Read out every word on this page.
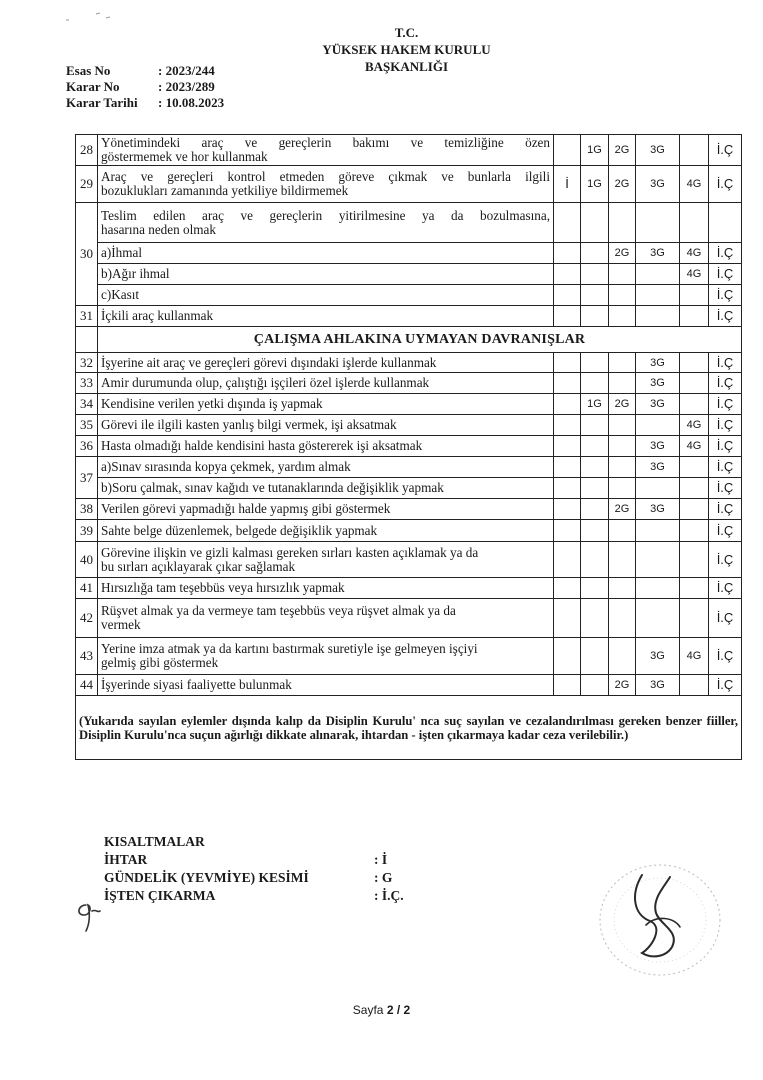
T.C.
YÜKSEK HAKEM KURULU
BAŞKANLIĞI
Esas No	: 2023/244
Karar No	: 2023/289
Karar Tarihi	: 10.08.2023
28	Yönetimindeki araç ve gereçlerin bakımı ve temizliğine özen
göstermemek ve hor kullanmak		1G	2G	3G		İ.Ç
29	Araç ve gereçleri kontrol etmeden göreve çıkmak ve bunlarla ilgili
bozuklukları zamanında yetkiliye bildirmemek	İ	1G	2G	3G	4G	İ.Ç
30	Teslim edilen araç ve gereçlerin yitirilmesine ya da bozulmasına,
hasarına neden olmak						

	a)İhmal			2G	3G	4G	İ.Ç
	b)Ağır ihmal					4G	İ.Ç
	c)Kasıt						İ.Ç
31	İçkili araç kullanmak						İ.Ç
	ÇALIŞMA AHLAKINA UYMAYAN DAVRANIŞLAR						
32	İşyerine ait araç ve gereçleri görevi dışındaki işlerde kullanmak				3G		İ.Ç
33	Amir durumunda olup, çalıştığı işçileri özel işlerde kullanmak				3G		İ.Ç
34	Kendisine verilen yetki dışında iş yapmak		1G	2G	3G		İ.Ç
35	Görevi ile ilgili kasten yanlış bilgi vermek, işi aksatmak					4G	İ.Ç
36	Hasta olmadığı halde kendisini hasta göstererek işi aksatmak				3G	4G	İ.Ç
37	a)Sınav sırasında kopya çekmek, yardım almak				3G		İ.Ç
	b)Soru çalmak, sınav kağıdı ve tutanaklarında değişiklik yapmak						İ.Ç
38	Verilen görevi yapmadığı halde yapmış gibi göstermek			2G	3G		İ.Ç
39	Sahte belge düzenlemek, belgede değişiklik yapmak						İ.Ç
40	Görevine ilişkin ve gizli kalması gereken sırları kasten açıklamak ya da
bu sırları açıklayarak çıkar sağlamak						İ.Ç
41	Hırsızlığa tam teşebbüs veya hırsızlık yapmak						İ.Ç
42	Rüşvet almak ya da vermeye tam teşebbüs veya rüşvet almak ya da
vermek						İ.Ç
43	Yerine imza atmak ya da kartını bastırmak suretiyle işe gelmeyen işçiyi
gelmiş gibi göstermek				3G	4G	İ.Ç
44	İşyerinde siyasi faaliyette bulunmak			2G	3G		İ.Ç
(Yukarıda sayılan eylemler dışında kalıp da Disiplin Kurulu' nca suç sayılan ve cezalandırılması gereken benzer fiiller, Disiplin Kurulu'nca suçun ağırlığı dikkate alınarak, ihtardan - işten çıkarmaya kadar ceza verilebilir.)							
KISALTMALAR
İHTAR	: İ
GÜNDELİK (YEVMİYE) KESİMİ	: G
İŞTEN ÇIKARMA	: İ.Ç.
Sayfa 2 / 2
